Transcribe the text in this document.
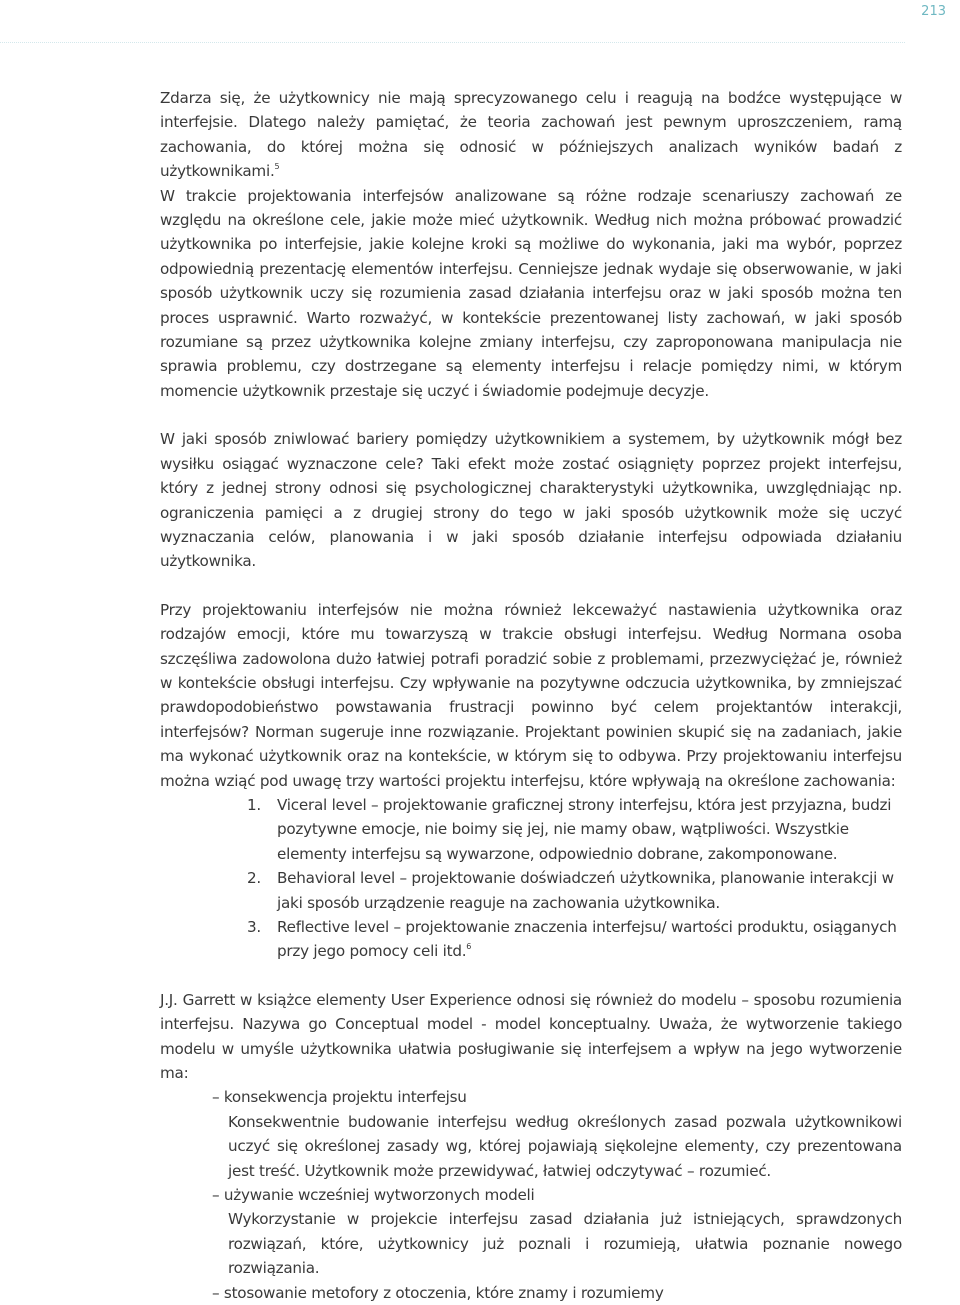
213

Zdarza się, że użytkownicy nie mają sprecyzowanego celu i reagują na bodźce występujące w interfejsie. Dlatego należy pamiętać, że teoria zachowań jest pewnym uproszczeniem, ramą zachowania, do której można się odnosić w późniejszych analizach wyników badań z użytkownikami.$^5$
W trakcie projektowania interfejsów analizowane są różne rodzaje scenariuszy zachowań ze względu na określone cele, jakie może mieć użytkownik. Według nich można próbować prowadzić użytkownika po interfejsie, jakie kolejne kroki są możliwe do wykonania, jaki ma wybór, poprzez odpowiednią prezentację elementów interfejsu. Cenniejsze jednak wydaje się obserwowanie, w jaki sposób użytkownik uczy się rozumienia zasad działania interfejsu oraz w jaki sposób można ten proces usprawnić. Warto rozważyć, w kontekście prezentowanej listy zachowań, w jaki sposób rozumiane są przez użytkownika kolejne zmiany interfejsu, czy zaproponowana manipulacja nie sprawia problemu, czy dostrzegane są elementy interfejsu i relacje pomiędzy nimi, w którym momencie użytkownik przestaje się uczyć i świadomie podejmuje decyzje.

W jaki sposób zniwlować bariery pomiędzy użytkownikiem a systemem, by użytkownik mógł bez wysiłku osiągać wyznaczone cele? Taki efekt może zostać osiągnięty poprzez projekt interfejsu, który z jednej strony odnosi się psychologicznej charakterystyki użytkownika, uwzględniając np. ograniczenia pamięci a z drugiej strony do tego w jaki sposób użytkownik może się uczyć wyznaczania celów, planowania i w jaki sposób działanie interfejsu odpowiada działaniu użytkownika.

Przy projektowaniu interfejsów nie można również lekceważyć nastawienia użytkownika oraz rodzajów emocji, które mu towarzyszą w trakcie obsługi interfejsu. Według Normana osoba szczęśliwa zadowolona dużo łatwiej potrafi poradzić sobie z problemami, przezwyciężać je, również w kontekście obsługi interfejsu. Czy wpływanie na pozytywne odczucia użytkownika, by zmniejszać prawdopodobieństwo powstawania frustracji powinno być celem projektantów interakcji, interfejsów? Norman sugeruje inne rozwiązanie. Projektant powinien skupić się na zadaniach, jakie ma wykonać użytkownik oraz na kontekście, w którym się to odbywa. Przy projektowaniu interfejsu można wziąć pod uwagę trzy wartości projektu interfejsu, które wpływają na określone zachowania:

1.	Viceral level – projektowanie graficznej strony interfejsu, która jest przyjazna, budzi pozytywne emocje, nie boimy się jej, nie mamy obaw, wątpliwości. Wszystkie elementy interfejsu są wywarzone, odpowiednio dobrane, zakomponowane.
2.	Behavioral level – projektowanie doświadczeń użytkownika, planowanie interakcji w jaki sposób urządzenie reaguje na zachowania użytkownika.
3.	Reflective level – projektowanie znaczenia interfejsu/ wartości produktu, osiąganych przy jego pomocy celi itd.$^6$

J.J. Garrett w książce elementy User Experience odnosi się również do modelu – sposobu rozumienia interfejsu. Nazywa go Conceptual model - model konceptualny. Uważa, że wytworzenie takiego modelu w umyśle użytkownika ułatwia posługiwanie się interfejsem a wpływ na jego wytworzenie ma:

– konsekwencja projektu interfejsu

Konsekwentnie budowanie interfejsu według określonych zasad pozwala użytkownikowi uczyć się określonej zasady wg, której pojawiają siękolejne elementy, czy prezentowana jest treść. Użytkownik może przewidywać, łatwiej odczytywać – rozumieć.

– używanie wcześniej wytworzonych modeli

Wykorzystanie w projekcie interfejsu zasad działania już istniejących, sprawdzonych rozwiązań, które, użytkownicy już poznali i rozumieją, ułatwia poznanie nowego rozwiązania.

– stosowanie metofory z otoczenia, które znamy i rozumiemy
